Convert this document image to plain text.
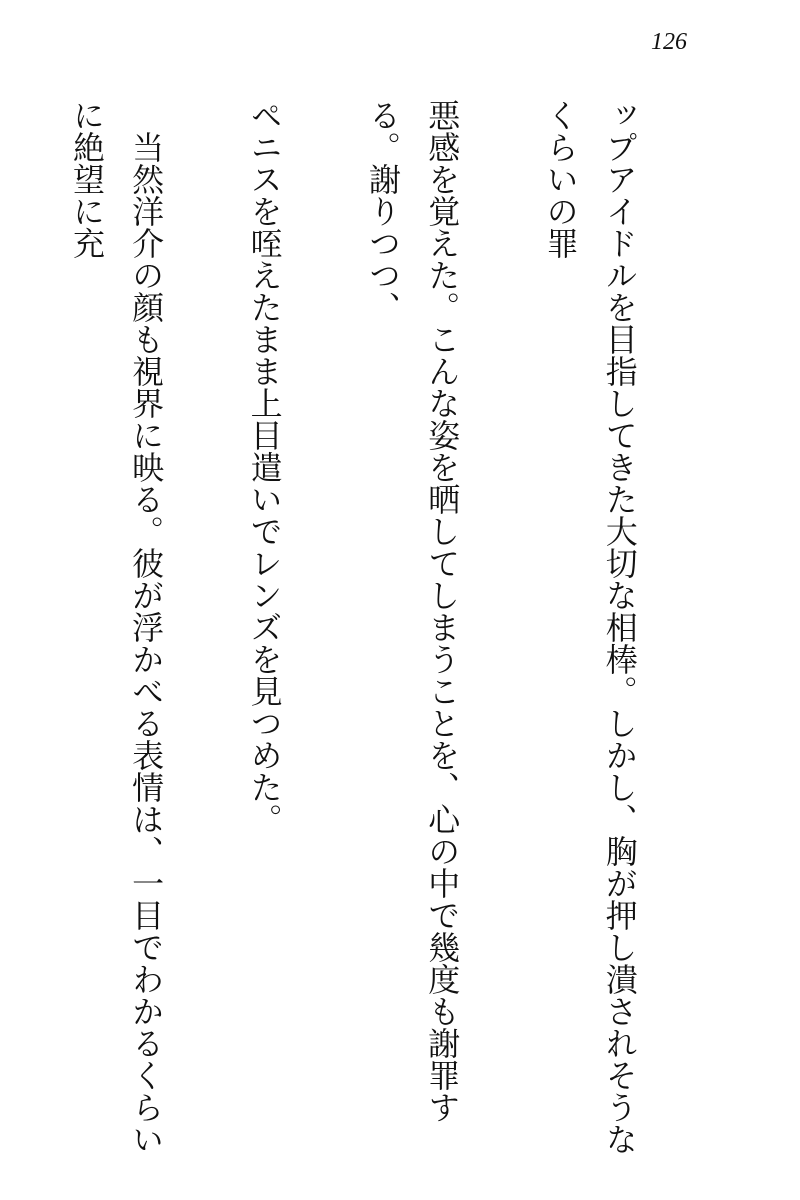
126

ップアイドルを目指してきた大切な相棒。しかし、胸が押し潰されそうなくらいの罪

悪感を覚えた。こんな姿を晒してしまうことを、心の中で幾度も謝罪する。謝りつつ、

ペニスを咥えたまま上目遣いでレンズを見つめた。

　当然洋介の顔も視界に映る。彼が浮かべる表情は、一目でわかるくらいに絶望に充
